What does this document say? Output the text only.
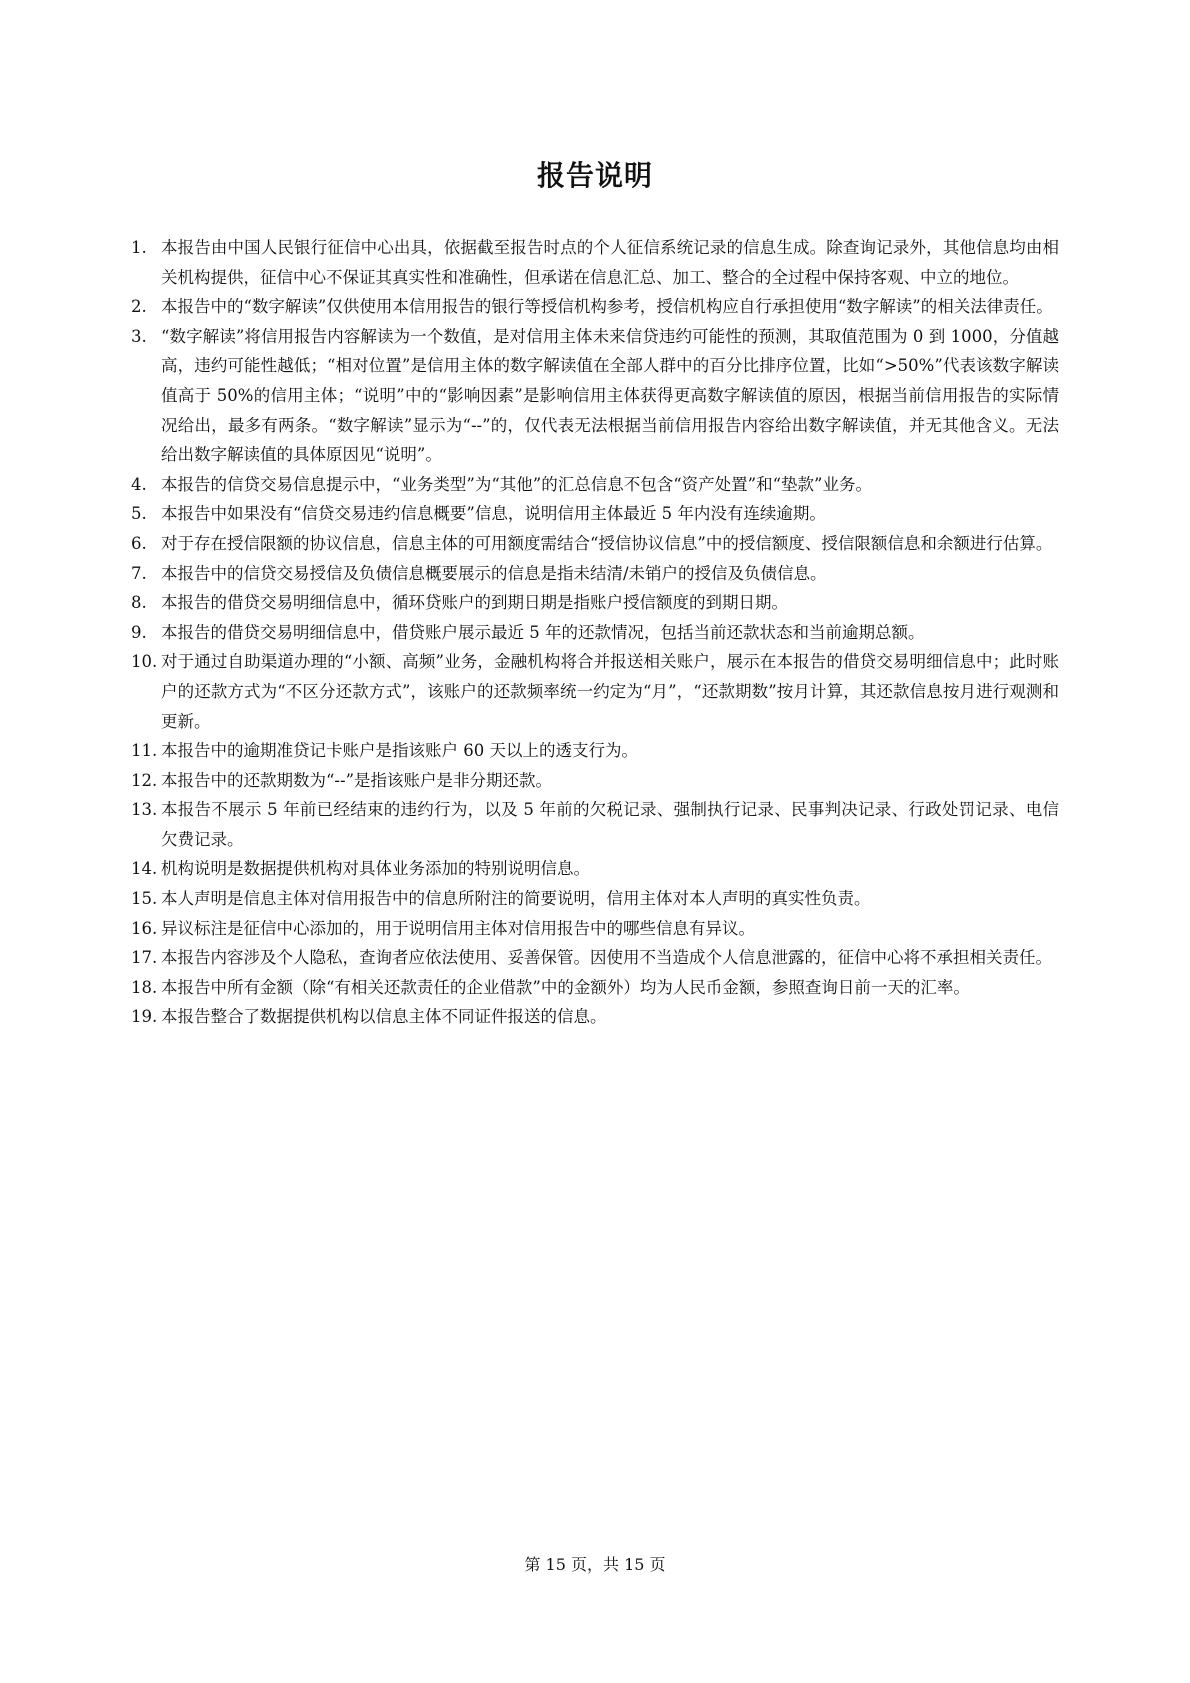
报告说明
1. 本报告由中国人民银行征信中心出具，依据截至报告时点的个人征信系统记录的信息生成。除查询记录外，其他信息均由相关机构提供，征信中心不保证其真实性和准确性，但承诺在信息汇总、加工、整合的全过程中保持客观、中立的地位。
2. 本报告中的“数字解读”仅供使用本信用报告的银行等授信机构参考，授信机构应自行承担使用“数字解读”的相关法律责任。
3. “数字解读”将信用报告内容解读为一个数值，是对信用主体未来信贷违约可能性的预测，其取值范围为 0 到 1000，分值越高，违约可能性越低；“相对位置”是信用主体的数字解读值在全部人群中的百分比排序位置，比如“>50%”代表该数字解读值高于 50%的信用主体；“说明”中的“影响因素”是影响信用主体获得更高数字解读值的原因，根据当前信用报告的实际情况给出，最多有两条。“数字解读”显示为“--”的，仅代表无法根据当前信用报告内容给出数字解读值，并无其他含义。无法给出数字解读值的具体原因见“说明”。
4. 本报告的信贷交易信息提示中，“业务类型”为“其他”的汇总信息不包含“资产处置”和“垫款”业务。
5. 本报告中如果没有“信贷交易违约信息概要”信息，说明信用主体最近 5 年内没有连续逾期。
6. 对于存在授信限额的协议信息，信息主体的可用额度需结合“授信协议信息”中的授信额度、授信限额信息和余额进行估算。
7. 本报告中的信贷交易授信及负债信息概要展示的信息是指未结清/未销户的授信及负债信息。
8. 本报告的借贷交易明细信息中，循环贷账户的到期日期是指账户授信额度的到期日期。
9. 本报告的借贷交易明细信息中，借贷账户展示最近 5 年的还款情况，包括当前还款状态和当前逾期总额。
10. 对于通过自助渠道办理的“小额、高频”业务，金融机构将合并报送相关账户，展示在本报告的借贷交易明细信息中；此时账户的还款方式为“不区分还款方式”，该账户的还款频率统一约定为“月”，“还款期数”按月计算，其还款信息按月进行观测和更新。
11. 本报告中的逾期准贷记卡账户是指该账户 60 天以上的透支行为。
12. 本报告中的还款期数为“--”是指该账户是非分期还款。
13. 本报告不展示 5 年前已经结束的违约行为，以及 5 年前的欠税记录、强制执行记录、民事判决记录、行政处罚记录、电信欠费记录。
14. 机构说明是数据提供机构对具体业务添加的特别说明信息。
15. 本人声明是信息主体对信用报告中的信息所附注的简要说明，信用主体对本人声明的真实性负责。
16. 异议标注是征信中心添加的，用于说明信用主体对信用报告中的哪些信息有异议。
17. 本报告内容涉及个人隐私，查询者应依法使用、妥善保管。因使用不当造成个人信息泄露的，征信中心将不承担相关责任。
18. 本报告中所有金额（除“有相关还款责任的企业借款”中的金额外）均为人民币金额，参照查询日前一天的汇率。
19. 本报告整合了数据提供机构以信息主体不同证件报送的信息。
第 15 页，共 15 页
